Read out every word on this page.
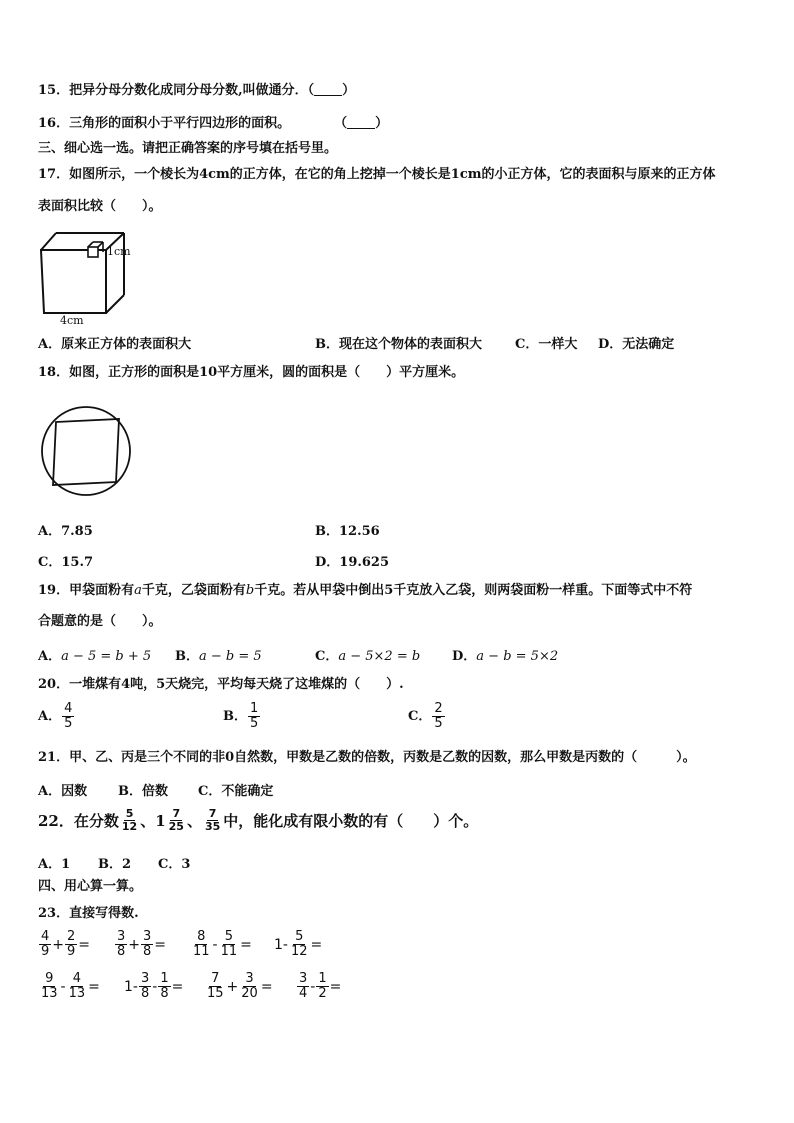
15．把异分母分数化成同分母分数,叫做通分．（ ）
16．三角形的面积小于平行四边形的面积。	（ ）
三、细心选一选。请把正确答案的序号填在括号里。
17．如图所示，一个棱长为4cm的正方体，在它的角上挖掉一个棱长是1cm的小正方体，它的表面积与原来的正方体
表面积比较（　　）。
1cm
4cm
A．原来正方体的表面积大	B．现在这个物体的表面积大	C．一样大 D．无法确定
18．如图，正方形的面积是10平方厘米，圆的面积是（　　）平方厘米。
A．7.85	B．12.56
C．15.7	D．19.625
19．甲袋面粉有a千克，乙袋面粉有b千克。若从甲袋中倒出5千克放入乙袋，则两袋面粉一样重。下面等式中不符
合题意的是（　　）。
A．a − 5 = b + 5 B．a − b = 5	C．a − 5×2 = b D．a − b = 5×2
20．一堆煤有4吨，5天烧完，平均每天烧了这堆煤的（　　）.
A． $\frac{4}{5}$	B． $\frac{1}{5}$	C． $\frac{2}{5}$
21．甲、乙、丙是三个不同的非0自然数，甲数是乙数的倍数，丙数是乙数的因数，那么甲数是丙数的（　　　）。
A．因数 B．倍数 C．不能确定
22．在分数 $\frac{5}{12}$ 、$1 \frac{7}{25}$ 、 $\frac{7}{35}$ 中，能化成有限小数的有（　　）个。
A．1 B．2 C．3
四、用心算一算。
23．直接写得数.
$\frac{4}{9} + \frac{2}{9} = \frac{3}{8} + \frac{3}{8} = \frac{8}{11} - \frac{5}{11} = 1- \frac{5}{12}$ =
$\frac{9}{13} - \frac{4}{13} = 1- \frac{3}{8} - \frac{1}{8} = \frac{7}{15} + \frac{3}{20} = \frac{3}{4} - \frac{1}{2}$ =
